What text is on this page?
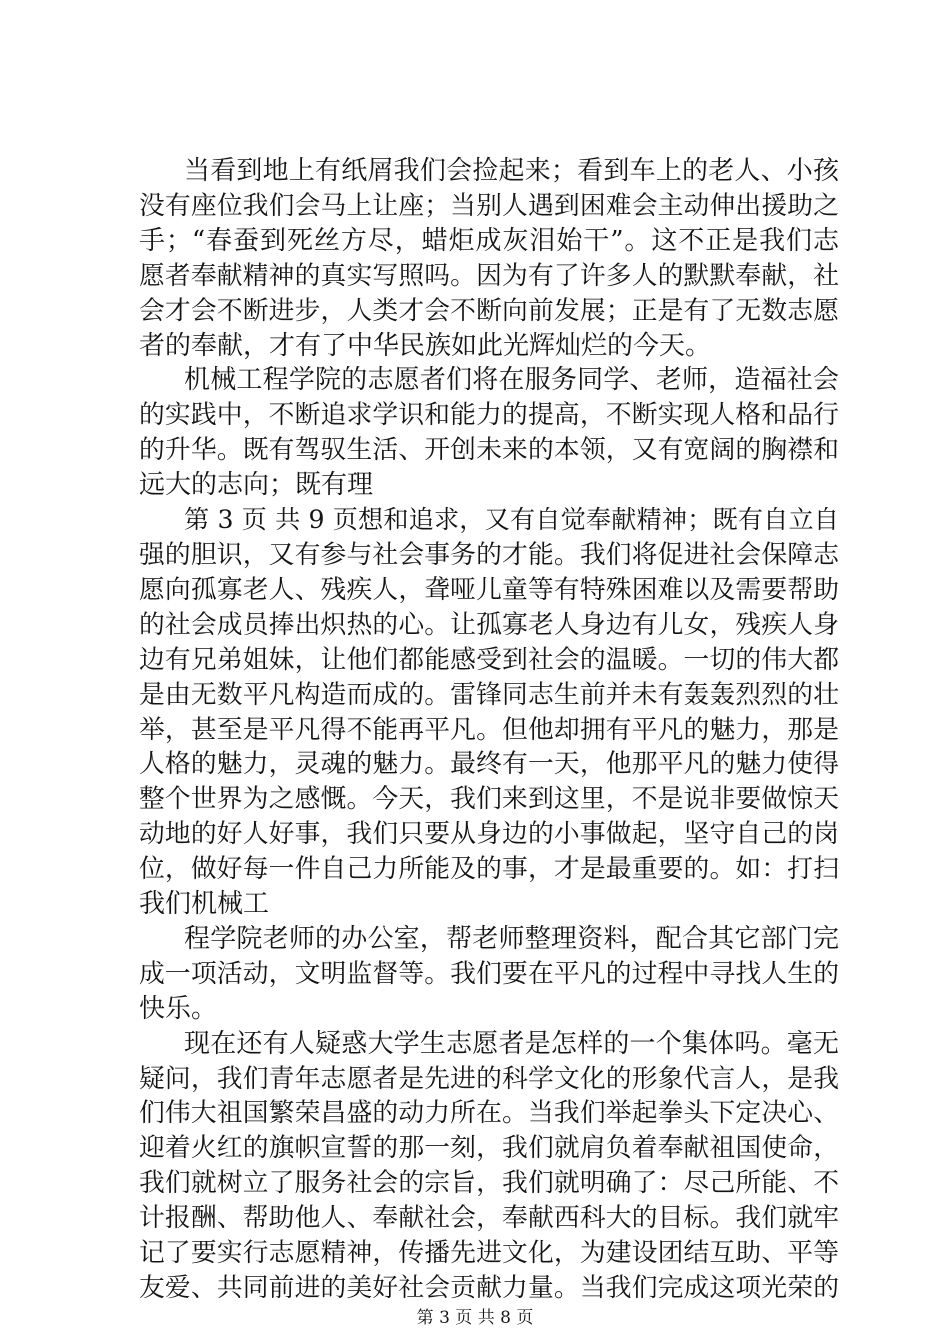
当看到地上有纸屑我们会捡起来；看到车上的老人、小孩
没有座位我们会马上让座；当别人遇到困难会主动伸出援助之
手；“春蚕到死丝方尽，蜡炬成灰泪始干”。这不正是我们志
愿者奉献精神的真实写照吗。因为有了许多人的默默奉献，社
会才会不断进步，人类才会不断向前发展；正是有了无数志愿
者的奉献，才有了中华民族如此光辉灿烂的今天。
机械工程学院的志愿者们将在服务同学、老师，造福社会
的实践中，不断追求学识和能力的提高，不断实现人格和品行
的升华。既有驾驭生活、开创未来的本领，又有宽阔的胸襟和
远大的志向；既有理
第 3 页 共 9 页想和追求，又有自觉奉献精神；既有自立自
强的胆识，又有参与社会事务的才能。我们将促进社会保障志
愿向孤寡老人、残疾人，聋哑儿童等有特殊困难以及需要帮助
的社会成员捧出炽热的心。让孤寡老人身边有儿女，残疾人身
边有兄弟姐妹，让他们都能感受到社会的温暖。一切的伟大都
是由无数平凡构造而成的。雷锋同志生前并未有轰轰烈烈的壮
举，甚至是平凡得不能再平凡。但他却拥有平凡的魅力，那是
人格的魅力，灵魂的魅力。最终有一天，他那平凡的魅力使得
整个世界为之感慨。今天，我们来到这里，不是说非要做惊天
动地的好人好事，我们只要从身边的小事做起，坚守自己的岗
位，做好每一件自己力所能及的事，才是最重要的。如：打扫
我们机械工
程学院老师的办公室，帮老师整理资料，配合其它部门完
成一项活动，文明监督等。我们要在平凡的过程中寻找人生的
快乐。
现在还有人疑惑大学生志愿者是怎样的一个集体吗。毫无
疑问，我们青年志愿者是先进的科学文化的形象代言人，是我
们伟大祖国繁荣昌盛的动力所在。当我们举起拳头下定决心、
迎着火红的旗帜宣誓的那一刻，我们就肩负着奉献祖国使命，
我们就树立了服务社会的宗旨，我们就明确了：尽己所能、不
计报酬、帮助他人、奉献社会，奉献西科大的目标。我们就牢
记了要实行志愿精神，传播先进文化，为建设团结互助、平等
友爱、共同前进的美好社会贡献力量。当我们完成这项光荣的
第 3 页 共 8 页
